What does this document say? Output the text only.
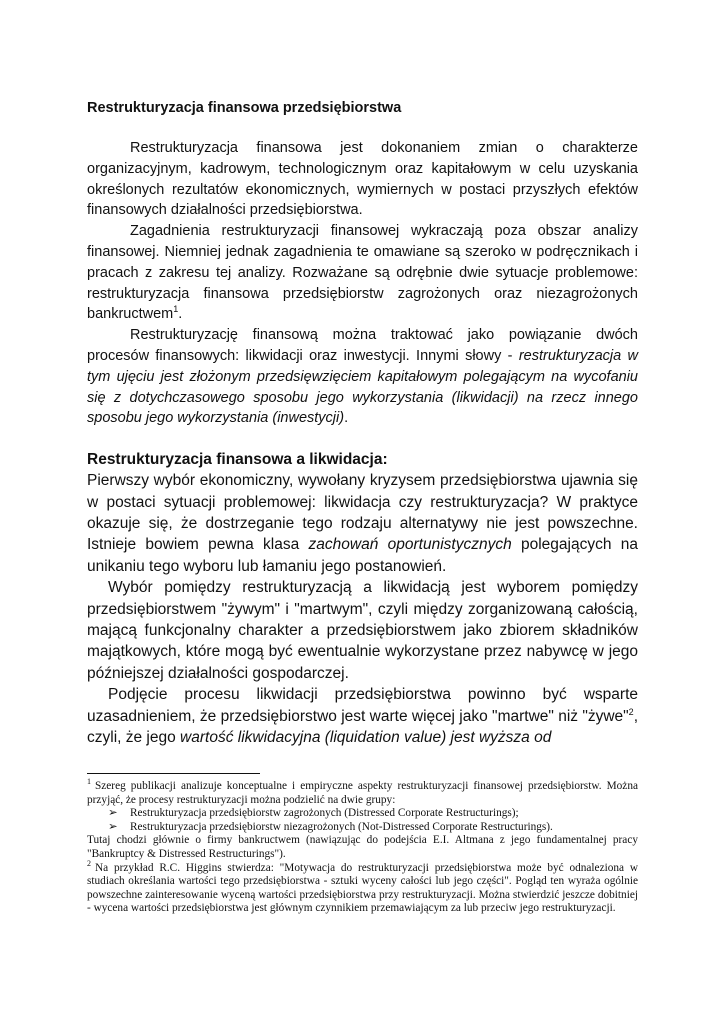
Restrukturyzacja finansowa przedsiębiorstwa

Restrukturyzacja finansowa jest dokonaniem zmian o charakterze organizacyjnym, kadrowym, technologicznym oraz kapitałowym w celu uzyskania określonych rezultatów ekonomicznych, wymiernych w postaci przyszłych efektów finansowych działalności przedsiębiorstwa.

Zagadnienia restrukturyzacji finansowej wykraczają poza obszar analizy finansowej. Niemniej jednak zagadnienia te omawiane są szeroko w podręcznikach i pracach z zakresu tej analizy. Rozważane są odrębnie dwie sytuacje problemowe: restrukturyzacja finansowa przedsiębiorstw zagrożonych oraz niezagrożonych bankructwem$^1$.

Restrukturyzację finansową można traktować jako powiązanie dwóch procesów finansowych: likwidacji oraz inwestycji. Innymi słowy - restrukturyzacja w tym ujęciu jest złożonym przedsięwzięciem kapitałowym polegającym na wycofaniu się z dotychczasowego sposobu jego wykorzystania (likwidacji) na rzecz innego sposobu jego wykorzystania (inwestycji).

Restrukturyzacja finansowa a likwidacja:

Pierwszy wybór ekonomiczny, wywołany kryzysem przedsiębiorstwa ujawnia się w postaci sytuacji problemowej: likwidacja czy restrukturyzacja? W praktyce okazuje się, że dostrzeganie tego rodzaju alternatywy nie jest powszechne. Istnieje bowiem pewna klasa zachowań oportunistycznych polegających na unikaniu tego wyboru lub łamaniu jego postanowień.

Wybór pomiędzy restrukturyzacją a likwidacją jest wyborem pomiędzy przedsiębiorstwem "żywym" i "martwym", czyli między zorganizowaną całością, mającą funkcjonalny charakter a przedsiębiorstwem jako zbiorem składników majątkowych, które mogą być ewentualnie wykorzystane przez nabywcę w jego późniejszej działalności gospodarczej.

Podjęcie procesu likwidacji przedsiębiorstwa powinno być wsparte uzasadnieniem, że przedsiębiorstwo jest warte więcej jako "martwe" niż "żywe"$^2$, czyli, że jego wartość likwidacyjna (liquidation value) jest wyższa od

$^1$ Szereg publikacji analizuje konceptualne i empiryczne aspekty restrukturyzacji finansowej przedsiębiorstw. Można przyjąć, że procesy restrukturyzacji można podzielić na dwie grupy:

➢ Restrukturyzacja przedsiębiorstw zagrożonych (Distressed Corporate Restructurings);
➢ Restrukturyzacja przedsiębiorstw niezagrożonych (Not-Distressed Corporate Restructurings).

Tutaj chodzi głównie o firmy bankructwem (nawiązując do podejścia E.I. Altmana z jego fundamentalnej pracy "Bankruptcy & Distressed Restructurings").

$^2$ Na przykład R.C. Higgins stwierdza: "Motywacja do restrukturyzacji przedsiębiorstwa może być odnaleziona w studiach określania wartości tego przedsiębiorstwa - sztuki wyceny całości lub jego części". Pogląd ten wyraża ogólnie powszechne zainteresowanie wyceną wartości przedsiębiorstwa przy restrukturyzacji. Można stwierdzić jeszcze dobitniej - wycena wartości przedsiębiorstwa jest głównym czynnikiem przemawiającym za lub przeciw jego restrukturyzacji.
